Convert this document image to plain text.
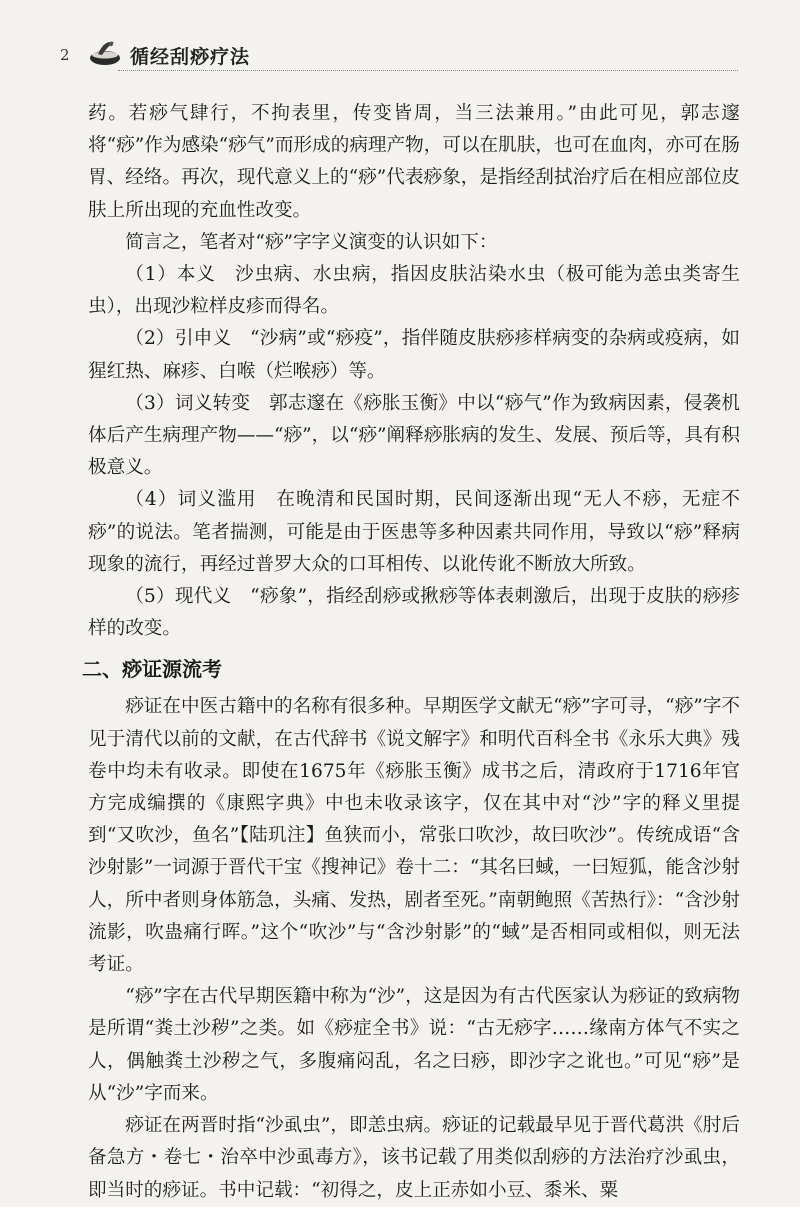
2	循经刮痧疗法

药。若痧气肆行，不拘表里，传变皆周，当三法兼用。”由此可见，郭志邃将“痧”作为感染“痧气”而形成的病理产物，可以在肌肤，也可在血肉，亦可在肠胃、经络。再次，现代意义上的“痧”代表痧象，是指经刮拭治疗后在相应部位皮肤上所出现的充血性改变。

简言之，笔者对“痧”字字义演变的认识如下：

（1）本义　沙虫病、水虫病，指因皮肤沾染水虫（极可能为恙虫类寄生虫），出现沙粒样皮疹而得名。

（2）引申义　“沙病”或“痧疫”，指伴随皮肤痧疹样病变的杂病或疫病，如猩红热、麻疹、白喉（烂喉痧）等。

（3）词义转变　郭志邃在《痧胀玉衡》中以“痧气”作为致病因素，侵袭机体后产生病理产物——“痧”，以“痧”阐释痧胀病的发生、发展、预后等，具有积极意义。

（4）词义滥用　在晚清和民国时期，民间逐渐出现“无人不痧，无症不痧”的说法。笔者揣测，可能是由于医患等多种因素共同作用，导致以“痧”释病现象的流行，再经过普罗大众的口耳相传、以讹传讹不断放大所致。

（5）现代义　“痧象”，指经刮痧或揪痧等体表刺激后，出现于皮肤的痧疹样的改变。

二、痧证源流考

痧证在中医古籍中的名称有很多种。早期医学文献无“痧”字可寻，“痧”字不见于清代以前的文献，在古代辞书《说文解字》和明代百科全书《永乐大典》残卷中均未有收录。即使在1675年《痧胀玉衡》成书之后，清政府于1716年官方完成编撰的《康熙字典》中也未收录该字，仅在其中对“沙”字的释义里提到“又吹沙，鱼名”【陆玑注】鱼狭而小，常张口吹沙，故曰吹沙”。传统成语“含沙射影”一词源于晋代干宝《搜神记》卷十二：“其名曰蜮，一曰短狐，能含沙射人，所中者则身体筋急，头痛、发热，剧者至死。”南朝鲍照《苦热行》：“含沙射流影，吹蛊痛行晖。”这个“吹沙”与“含沙射影”的“蜮”是否相同或相似，则无法考证。

“痧”字在古代早期医籍中称为“沙”，这是因为有古代医家认为痧证的致病物是所谓“粪土沙秽”之类。如《痧症全书》说：“古无痧字……缘南方体气不实之人，偶触粪土沙秽之气，多腹痛闷乱，名之曰痧，即沙字之讹也。”可见“痧”是从“沙”字而来。

痧证在两晋时指“沙虱虫”，即恙虫病。痧证的记载最早见于晋代葛洪《肘后备急方・卷七・治卒中沙虱毒方》，该书记载了用类似刮痧的方法治疗沙虱虫，即当时的痧证。书中记载：“初得之，皮上正赤如小豆、黍米、粟
